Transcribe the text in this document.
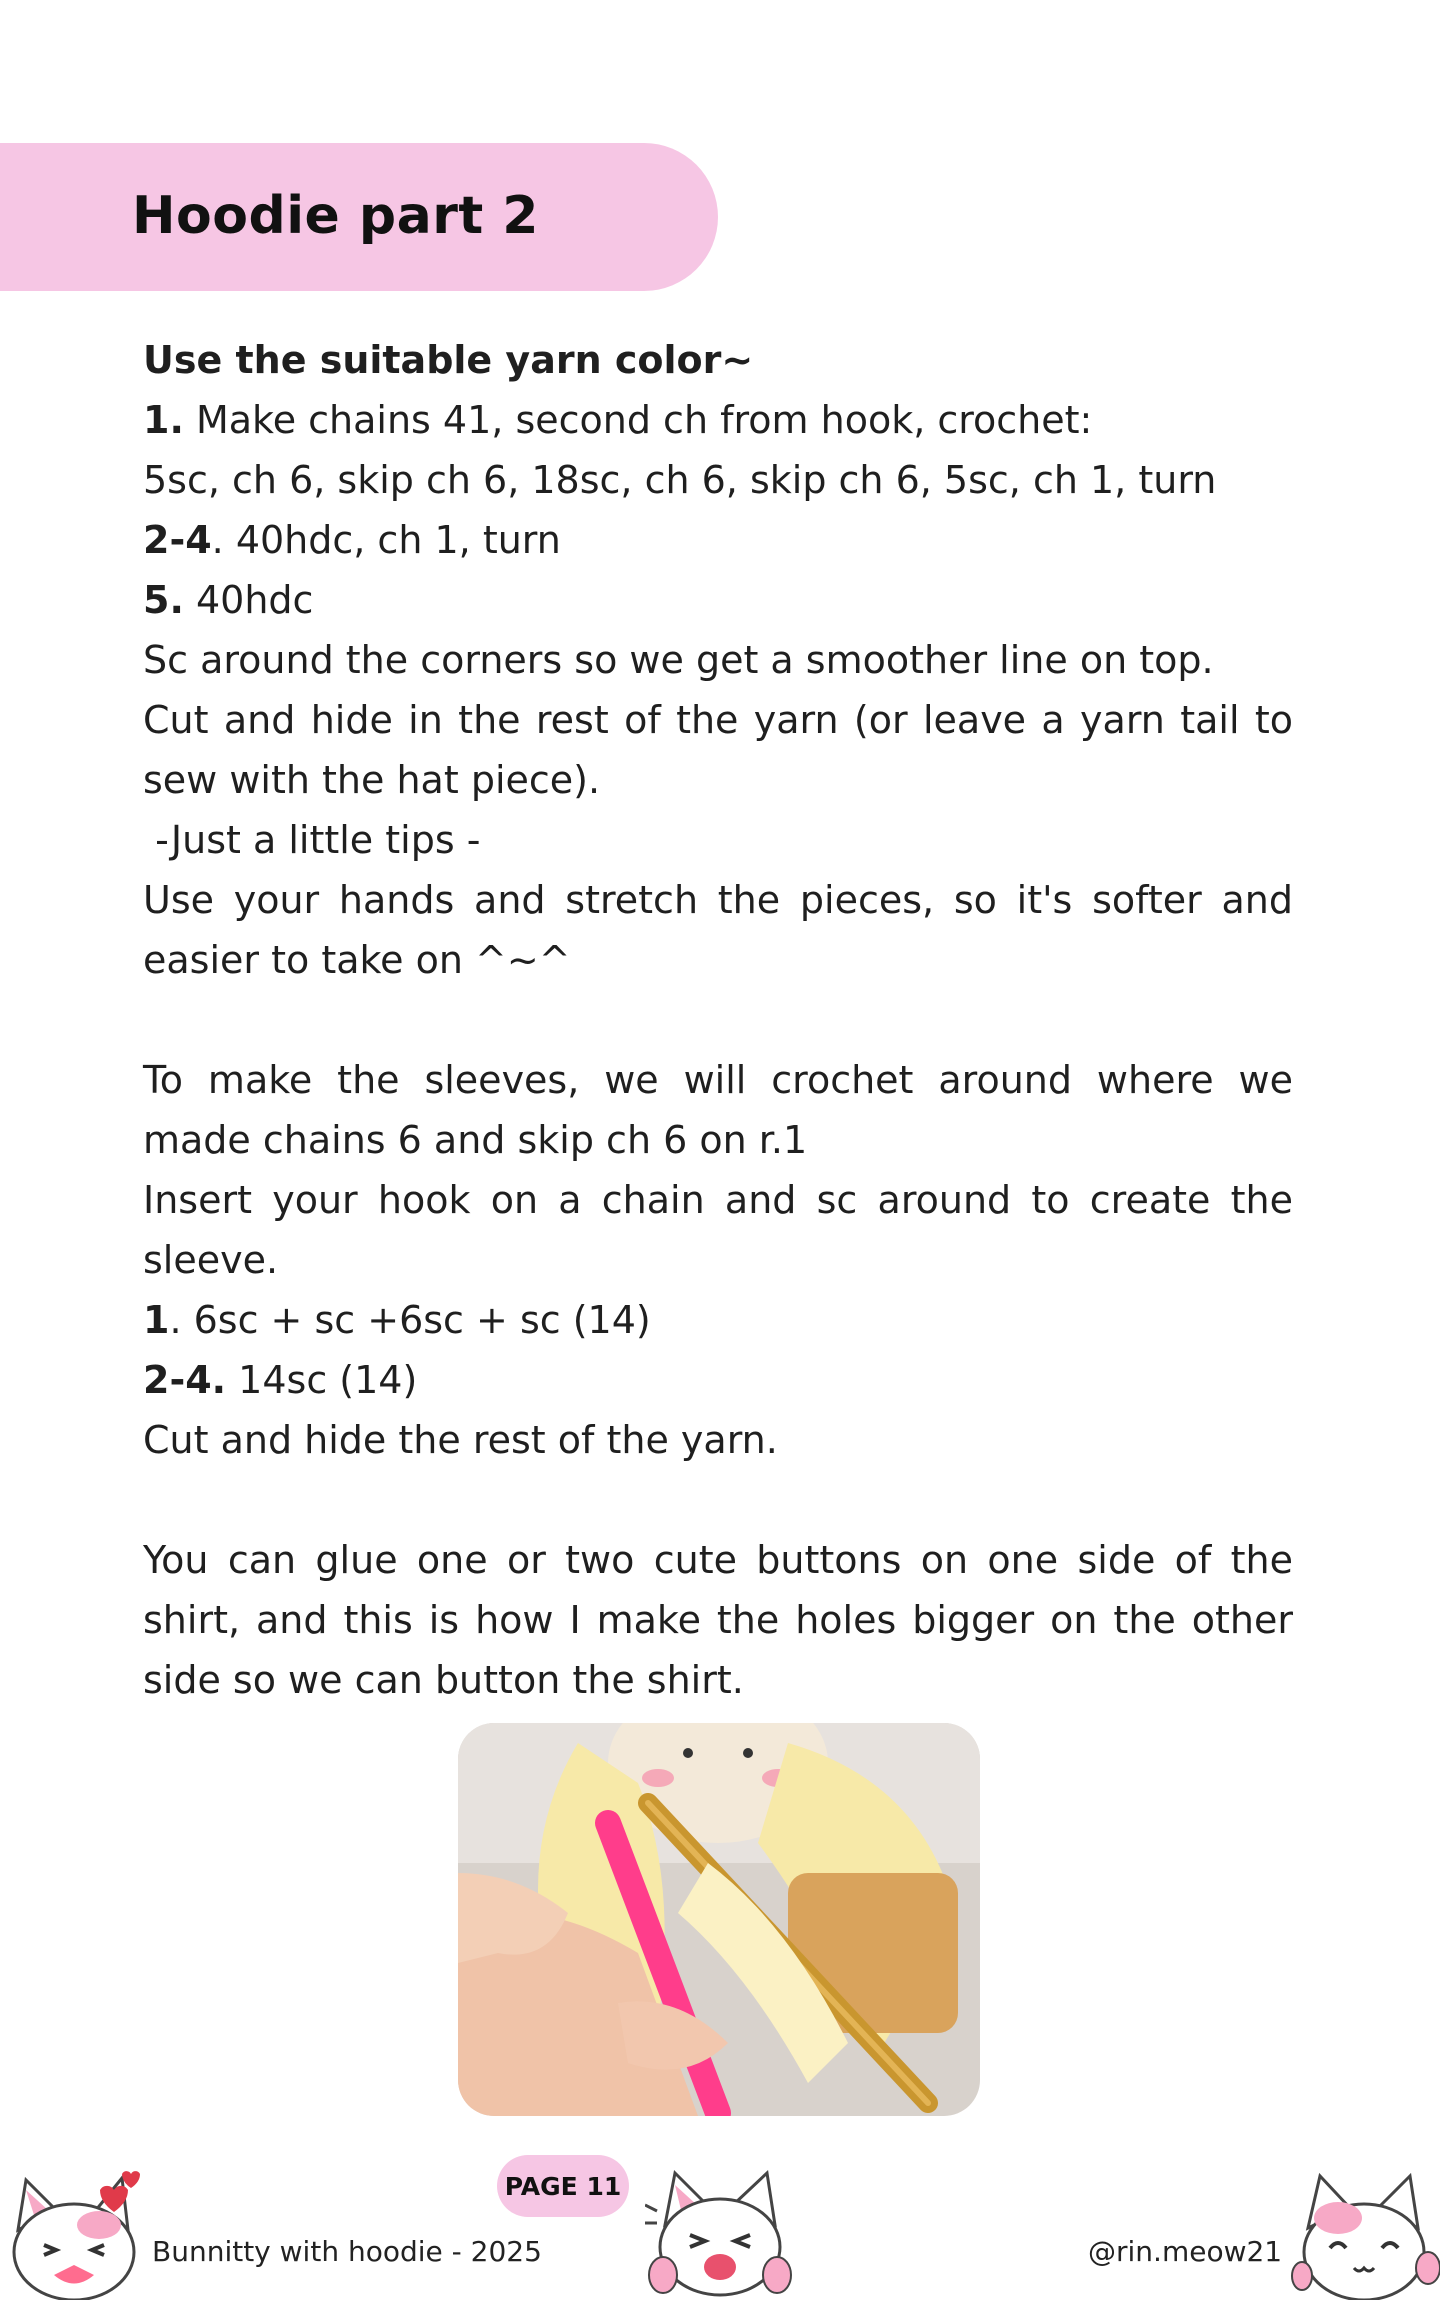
Hoodie part 2
Use the suitable yarn color~
1. Make chains 41, second ch from hook, crochet:
5sc, ch 6, skip ch 6, 18sc, ch 6, skip ch 6, 5sc, ch 1, turn
2-4. 40hdc, ch 1, turn
5. 40hdc
Sc around the corners so we get a smoother line on top.
Cut and hide in the rest of the yarn (or leave a yarn tail to
sew with the hat piece).
-Just a little tips -
Use your hands and stretch the pieces, so it's softer and
easier to take on ^~^
To make the sleeves, we will crochet around where we
made chains 6 and skip ch 6 on r.1
Insert your hook on a chain and sc around to create the
sleeve.
1. 6sc + sc +6sc + sc (14)
2-4. 14sc (14)
Cut and hide the rest of the yarn.
You can glue one or two cute buttons on one side of the
shirt, and this is how I make the holes bigger on the other
side so we can button the shirt.
Bunnitty with hoodie - 2025
PAGE 11
@rin.meow21
